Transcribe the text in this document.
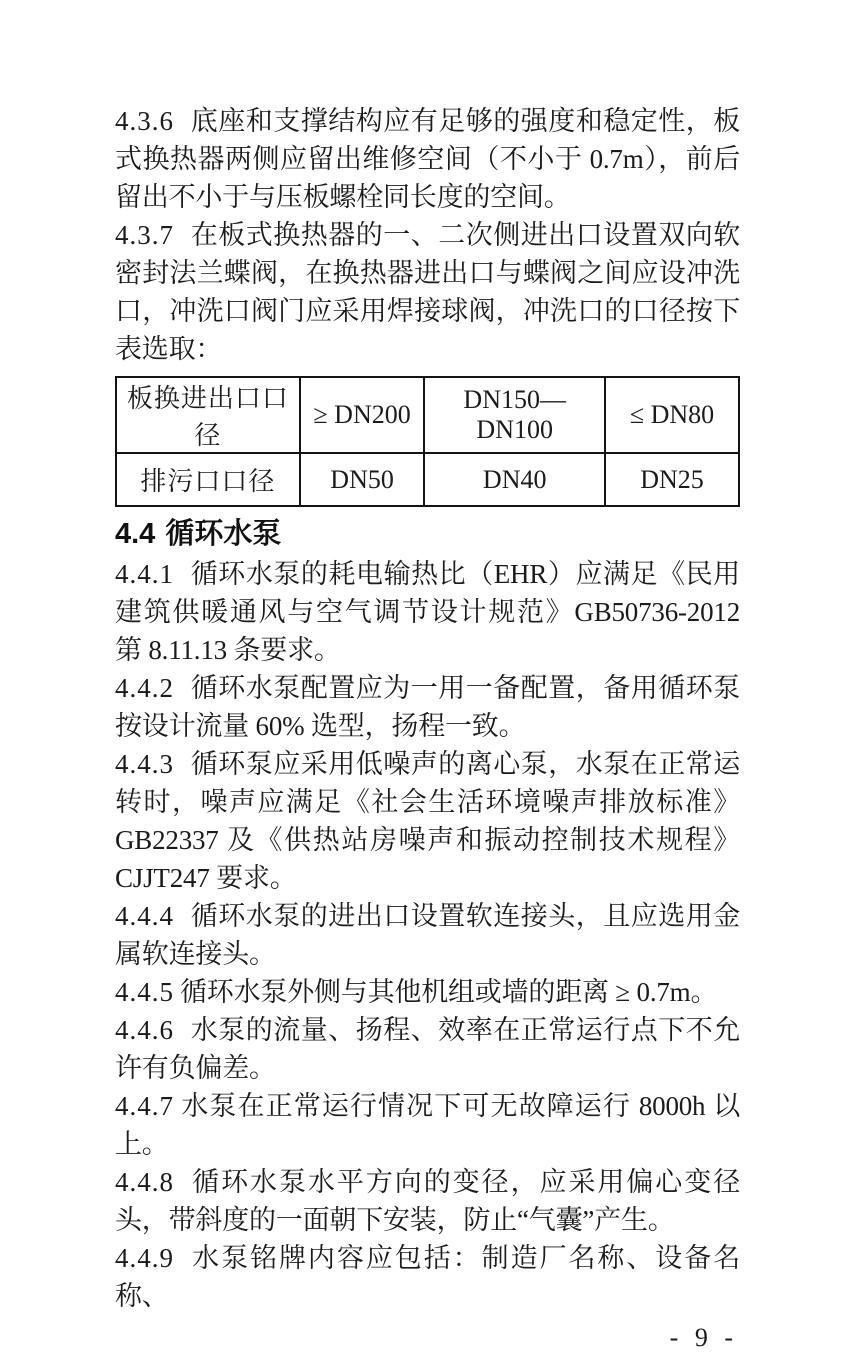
4.3.6 底座和支撑结构应有足够的强度和稳定性，板式换热器两侧应留出维修空间（不小于 0.7m），前后留出不小于与压板螺栓同长度的空间。

4.3.7 在板式换热器的一、二次侧进出口设置双向软密封法兰蝶阀，在换热器进出口与蝶阀之间应设冲洗口，冲洗口阀门应采用焊接球阀，冲洗口的口径按下表选取：

板换进出口口径	≥ DN200	DN150—DN100	≤ DN80
排污口口径	DN50	DN40	DN25
4.4 循环水泵

4.4.1 循环水泵的耗电输热比（EHR）应满足《民用建筑供暖通风与空气调节设计规范》GB50736-2012 第 8.11.13 条要求。

4.4.2 循环水泵配置应为一用一备配置，备用循环泵按设计流量 60% 选型，扬程一致。

4.4.3 循环泵应采用低噪声的离心泵，水泵在正常运转时，噪声应满足《社会生活环境噪声排放标准》GB22337 及《供热站房噪声和振动控制技术规程》CJJT247 要求。

4.4.4 循环水泵的进出口设置软连接头，且应选用金属软连接头。

4.4.5 循环水泵外侧与其他机组或墙的距离 ≥ 0.7m。

4.4.6 水泵的流量、扬程、效率在正常运行点下不允许有负偏差。

4.4.7 水泵在正常运行情况下可无故障运行 8000h 以上。

4.4.8 循环水泵水平方向的变径，应采用偏心变径头，带斜度的一面朝下安装，防止“气囊”产生。

4.4.9 水泵铭牌内容应包括：制造厂名称、设备名称、

- 9 -
